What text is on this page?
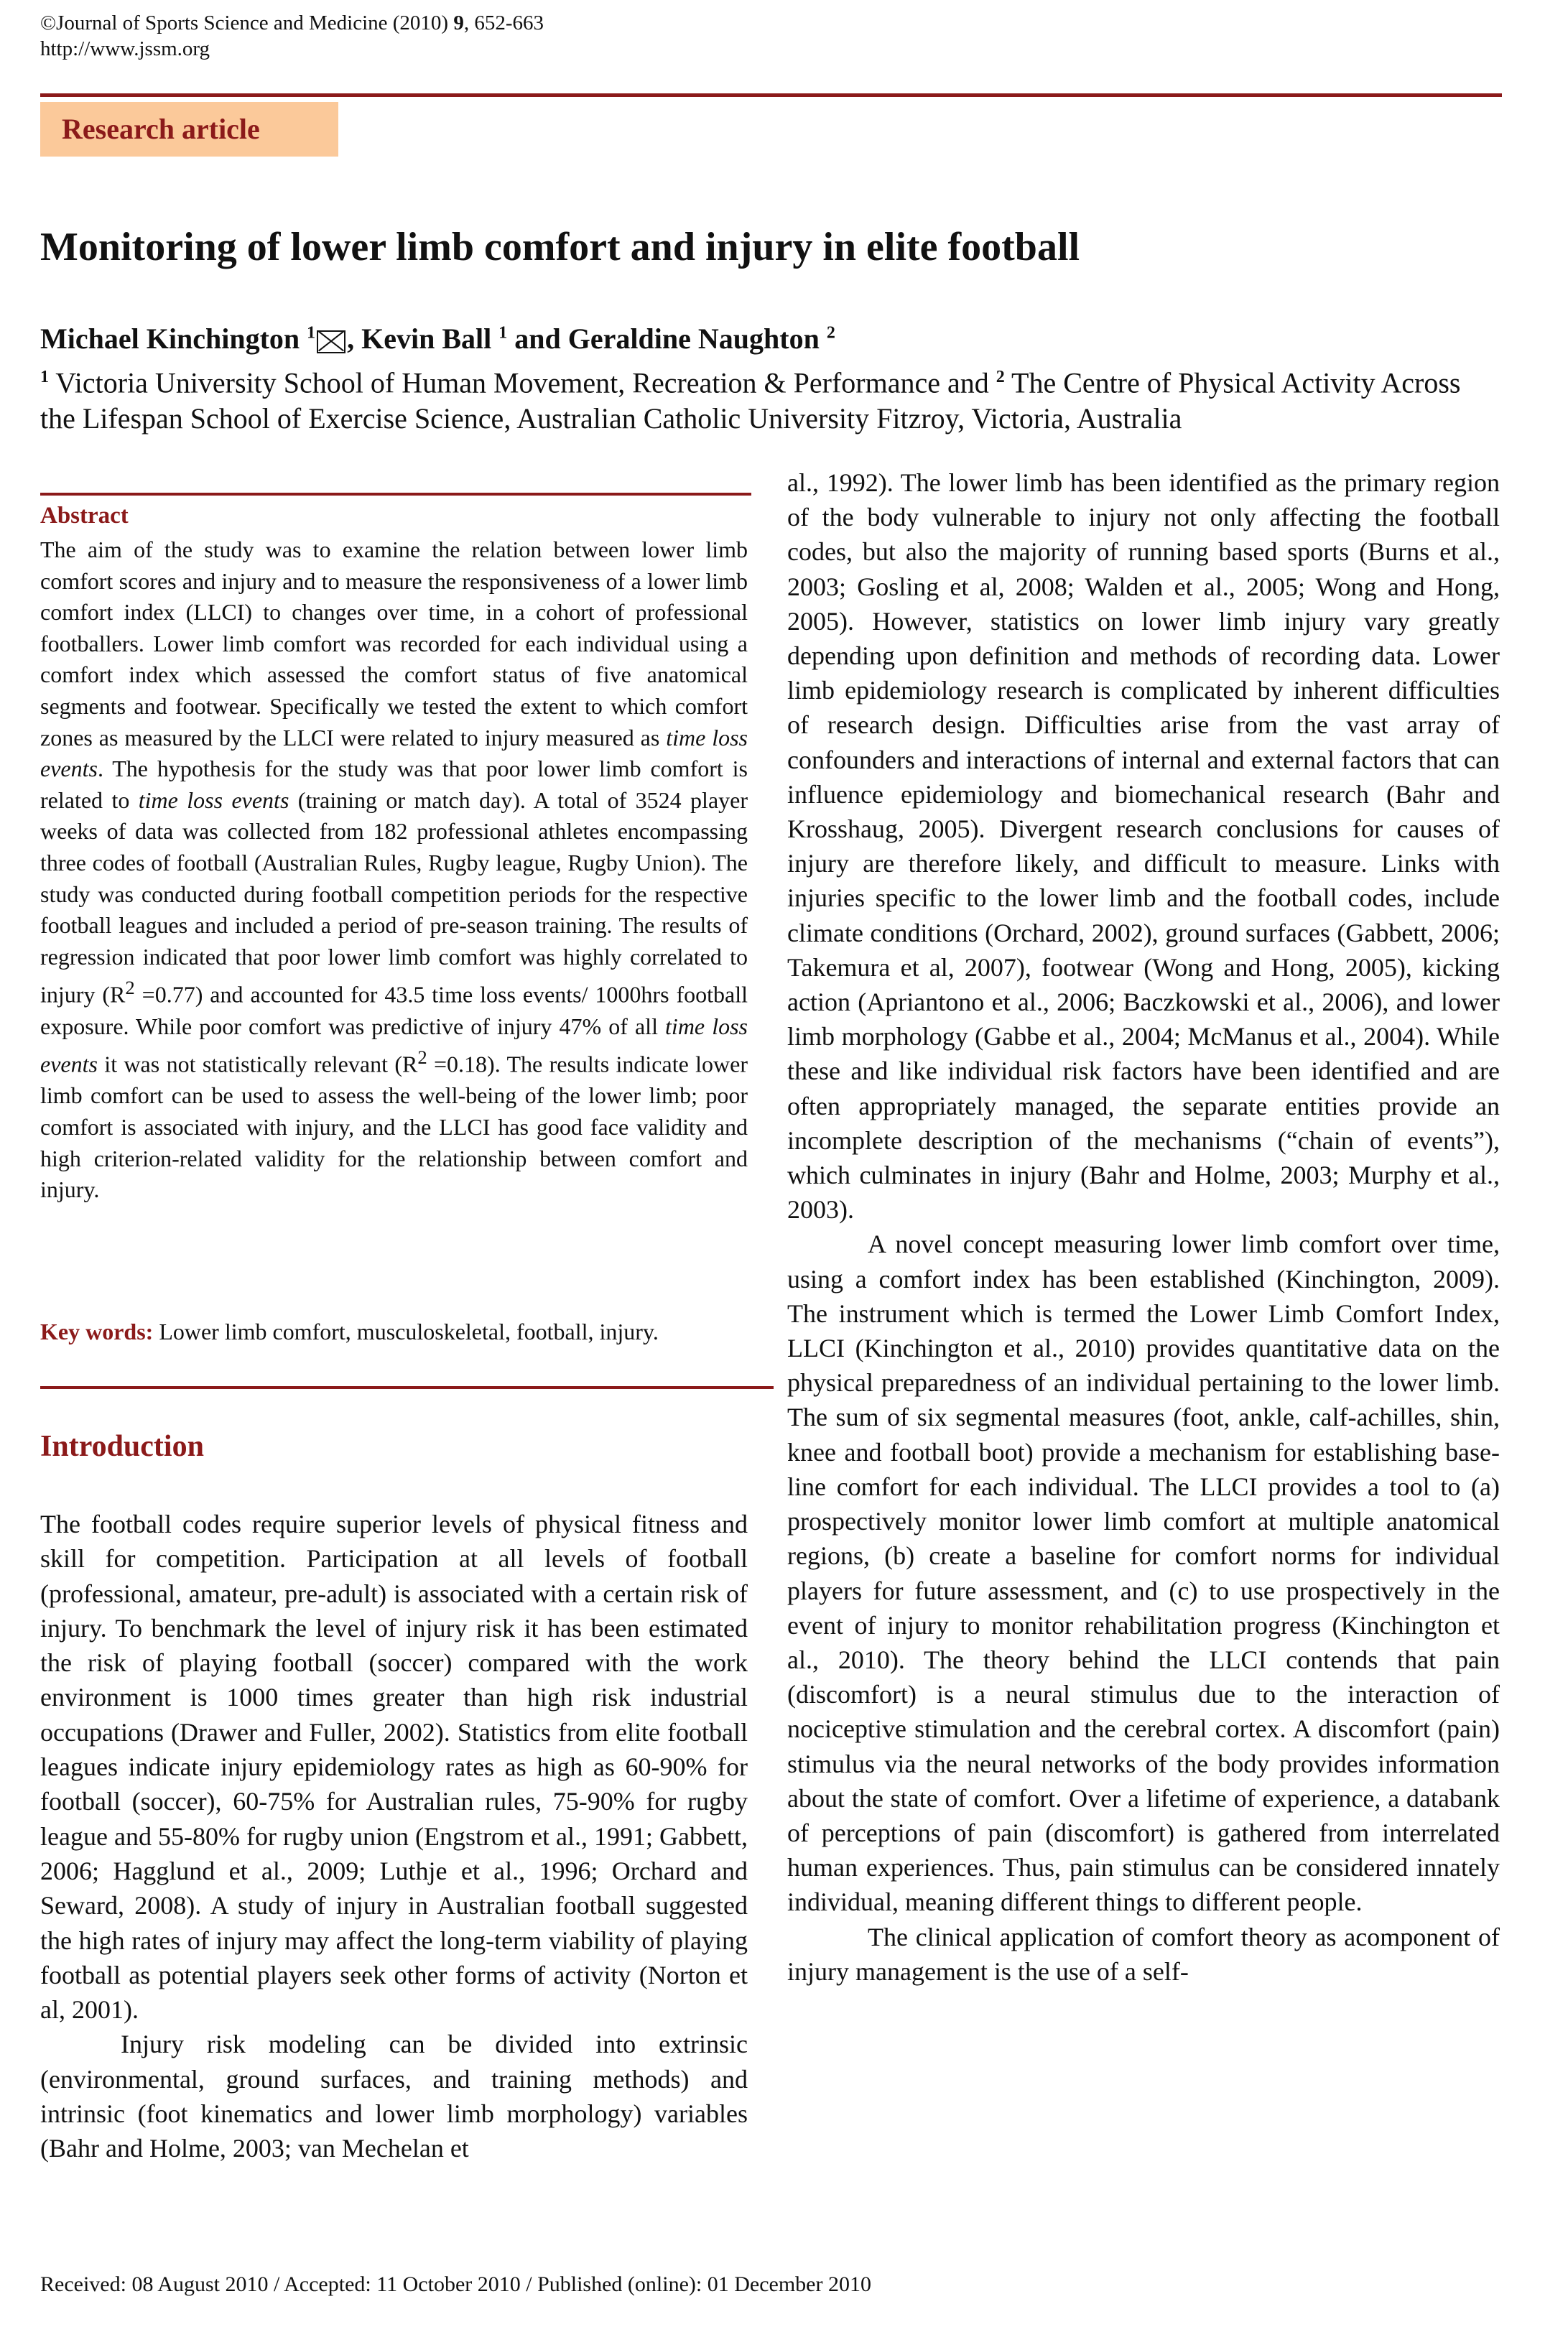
©Journal of Sports Science and Medicine (2010) 9, 652-663
http://www.jssm.org
Research article
Monitoring of lower limb comfort and injury in elite football
Michael Kinchington $^1$ , Kevin Ball $^1$ and Geraldine Naughton $^2$
$^1$ Victoria University School of Human Movement, Recreation & Performance and $^2$ The Centre of Physical Activity Across the Lifespan School of Exercise Science, Australian Catholic University Fitzroy, Victoria, Australia
Abstract

The aim of the study was to examine the relation between lower limb comfort scores and injury and to measure the responsiveness of a lower limb comfort index (LLCI) to changes over time, in a cohort of professional footballers. Lower limb comfort was recorded for each individual using a comfort index which assessed the comfort status of five anatomical segments and footwear. Specifically we tested the extent to which comfort zones as measured by the LLCI were related to injury measured as time loss events. The hypothesis for the study was that poor lower limb comfort is related to time loss events (training or match day). A total of 3524 player weeks of data was collected from 182 professional athletes encompassing three codes of football (Australian Rules, Rugby league, Rugby Union). The study was conducted during football competition periods for the respective football leagues and included a period of pre-season training. The results of regression indicated that poor lower limb comfort was highly correlated to injury $(R^2 =0.77)$ and accounted for 43.5 time loss events/ 1000hrs football exposure. While poor comfort was predictive of injury 47% of all time loss events it was not statistically relevant $(R^2 =0.18)$. The results indicate lower limb comfort can be used to assess the well-being of the lower limb; poor comfort is associated with injury, and the LLCI has good face validity and high criterion-related validity for the relationship between comfort and injury.

Key words: Lower limb comfort, musculoskeletal, football, injury.

Introduction

The football codes require superior levels of physical fitness and skill for competition. Participation at all levels of football (professional, amateur, pre-adult) is associated with a certain risk of injury. To benchmark the level of injury risk it has been estimated the risk of playing football (soccer) compared with the work environment is 1000 times greater than high risk industrial occupations (Drawer and Fuller, 2002). Statistics from elite football leagues indicate injury epidemiology rates as high as 60-90% for football (soccer), 60-75% for Australian rules, 75-90% for rugby league and 55-80% for rugby union (Engstrom et al., 1991; Gabbett, 2006; Hagglund et al., 2009; Luthje et al., 1996; Orchard and Seward, 2008). A study of injury in Australian football suggested the high rates of injury may affect the long-term viability of playing football as potential players seek other forms of activity (Norton et al, 2001).

Injury risk modeling can be divided into extrinsic (environmental, ground surfaces, and training methods) and intrinsic (foot kinematics and lower limb morphology) variables (Bahr and Holme, 2003; van Mechelan et

al., 1992). The lower limb has been identified as the primary region of the body vulnerable to injury not only affecting the football codes, but also the majority of running based sports (Burns et al., 2003; Gosling et al, 2008; Walden et al., 2005; Wong and Hong, 2005). However, statistics on lower limb injury vary greatly depending upon definition and methods of recording data. Lower limb epidemiology research is complicated by inherent difficulties of research design. Difficulties arise from the vast array of confounders and interactions of internal and external factors that can influence epidemiology and biomechanical research (Bahr and Krosshaug, 2005). Divergent research conclusions for causes of injury are therefore likely, and difficult to measure. Links with injuries specific to the lower limb and the football codes, include climate conditions (Orchard, 2002), ground surfaces (Gabbett, 2006; Takemura et al, 2007), footwear (Wong and Hong, 2005), kicking action (Apriantono et al., 2006; Baczkowski et al., 2006), and lower limb morphology (Gabbe et al., 2004; McManus et al., 2004). While these and like individual risk factors have been identified and are often appropriately managed, the separate entities provide an incomplete description of the mechanisms (“chain of events”), which culminates in injury (Bahr and Holme, 2003; Murphy et al., 2003).

A novel concept measuring lower limb comfort over time, using a comfort index has been established (Kinchington, 2009). The instrument which is termed the Lower Limb Comfort Index, LLCI (Kinchington et al., 2010) provides quantitative data on the physical preparedness of an individual pertaining to the lower limb. The sum of six segmental measures (foot, ankle, calf-achilles, shin, knee and football boot) provide a mechanism for establishing base-line comfort for each individual. The LLCI provides a tool to (a) prospectively monitor lower limb comfort at multiple anatomical regions, (b) create a baseline for comfort norms for individual players for future assessment, and (c) to use prospectively in the event of injury to monitor rehabilitation progress (Kinchington et al., 2010). The theory behind the LLCI contends that pain (discomfort) is a neural stimulus due to the interaction of nociceptive stimulation and the cerebral cortex. A discomfort (pain) stimulus via the neural networks of the body provides information about the state of comfort. Over a lifetime of experience, a databank of perceptions of pain (discomfort) is gathered from interrelated human experiences. Thus, pain stimulus can be considered innately individual, meaning different things to different people.

The clinical application of comfort theory as acomponent of injury management is the use of a self-

Received: 08 August 2010 / Accepted: 11 October 2010 / Published (online): 01 December 2010
